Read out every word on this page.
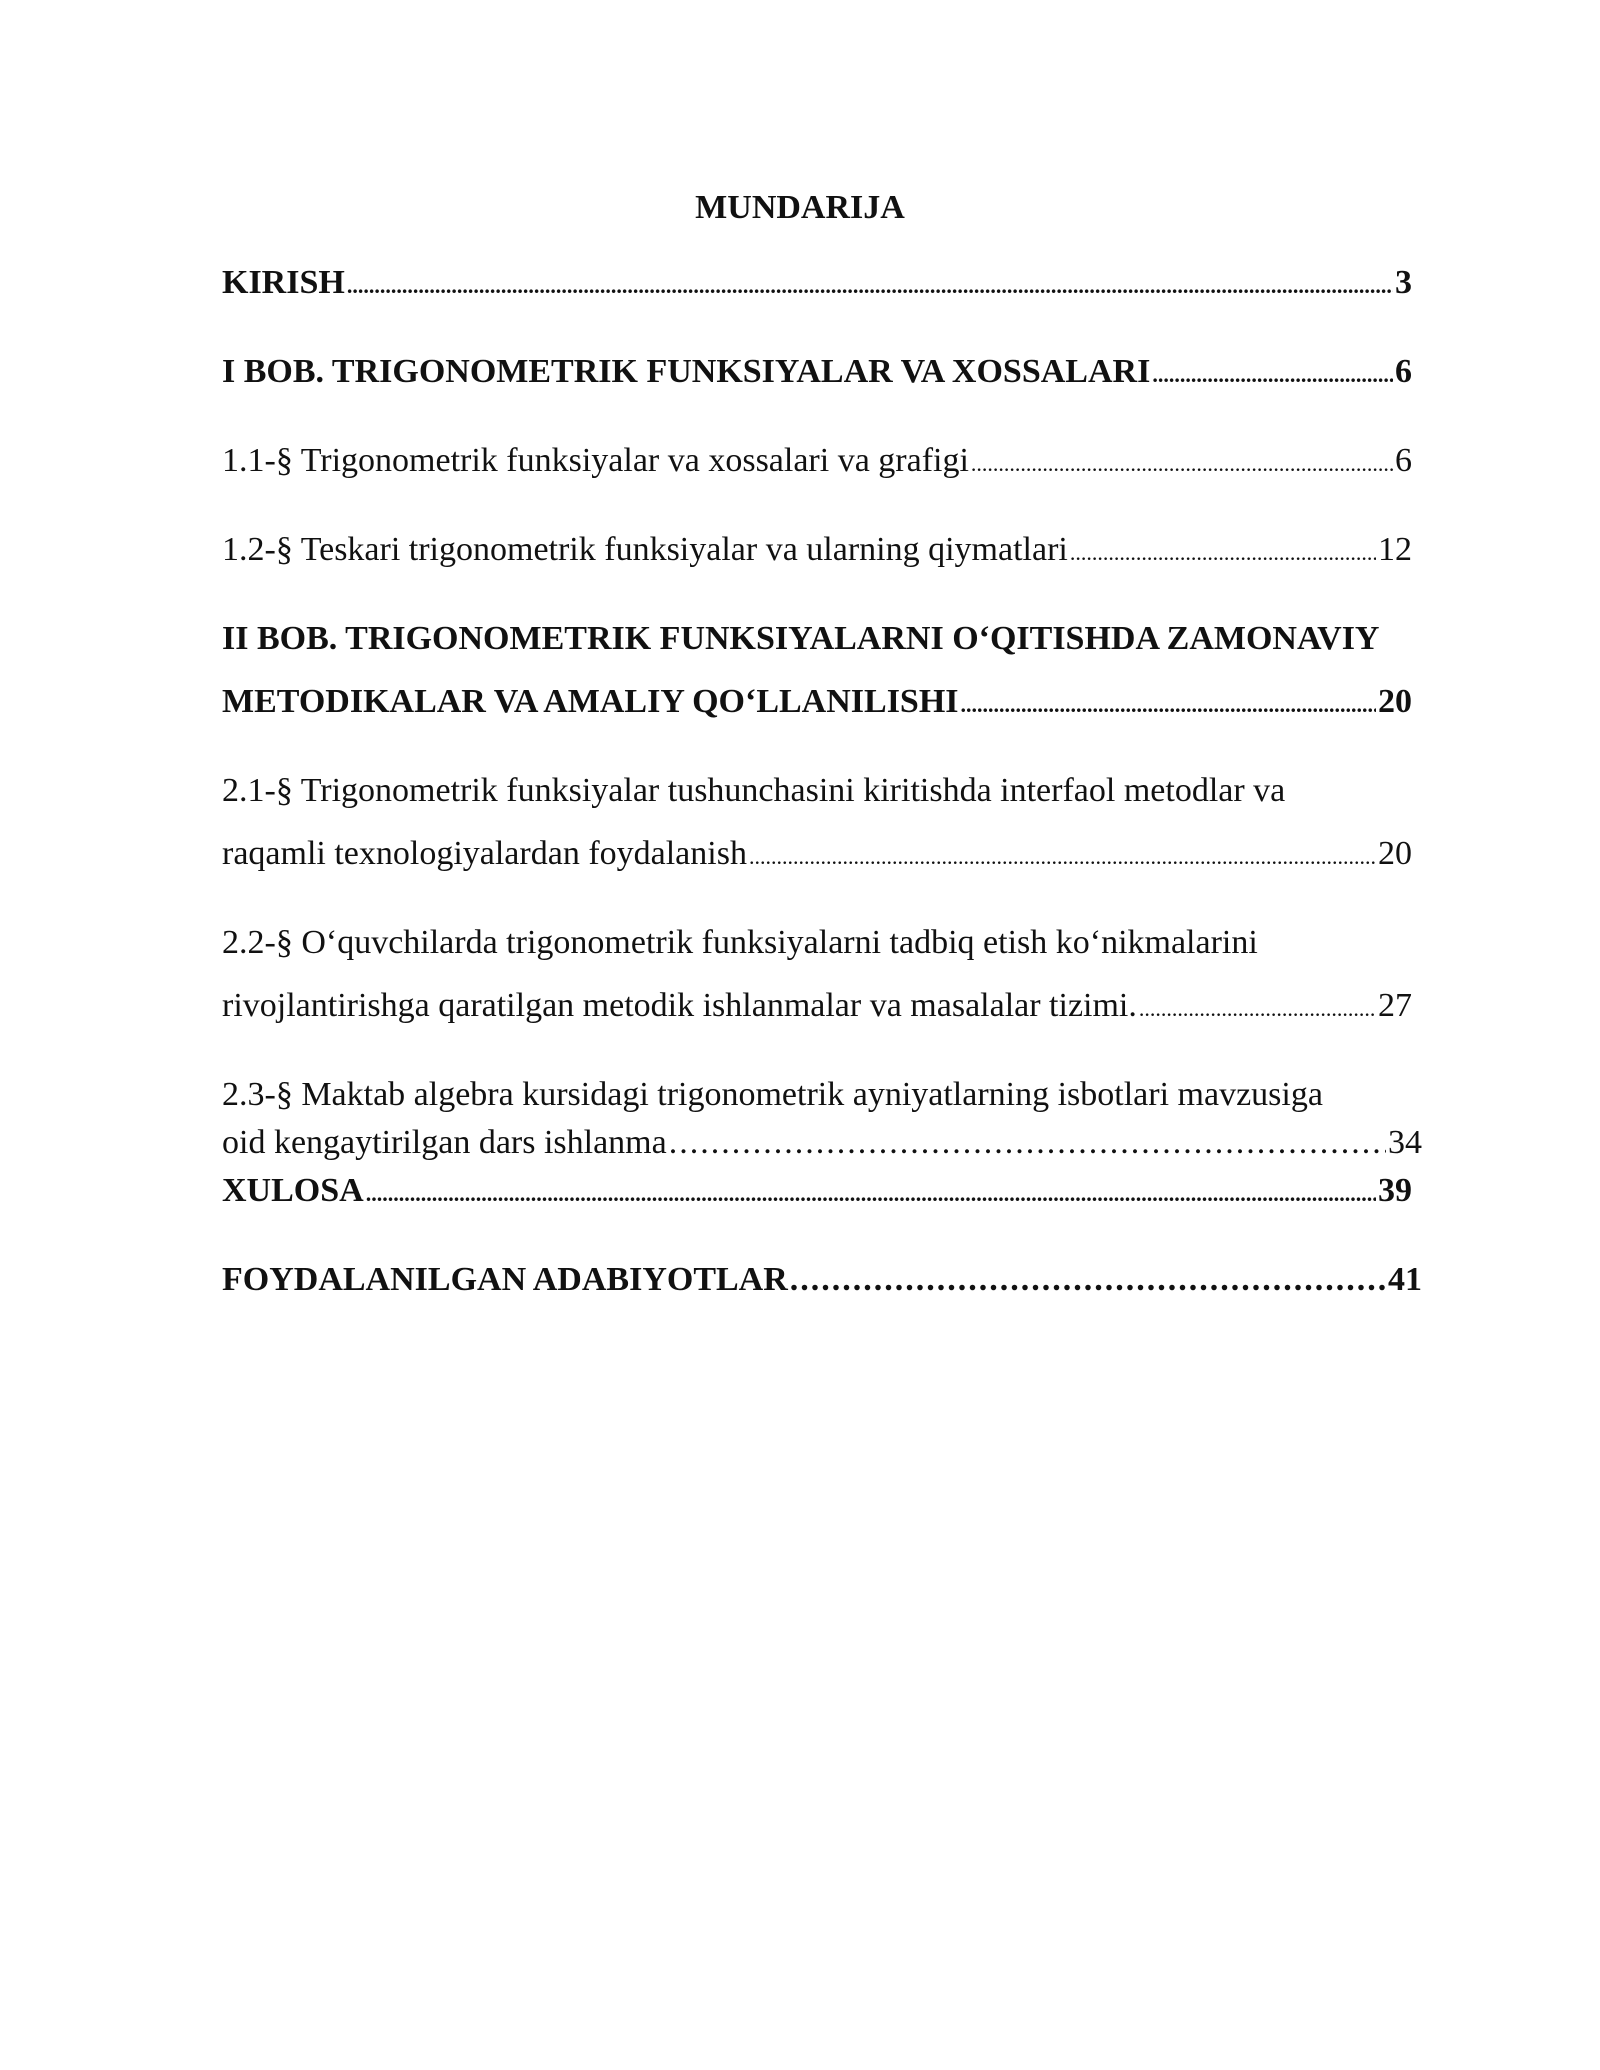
MUNDARIJA
KIRISH .....	3
I BOB. TRIGONOMETRIK FUNKSIYALAR VA XOSSALARI .....	6
1.1-§ Trigonometrik funksiyalar va xossalari va grafigi .....	6
1.2-§ Teskari trigonometrik funksiyalar va ularning qiymatlari .....	12
II BOB. TRIGONOMETRIK FUNKSIYALARNI O‘QITISHDA ZAMONAVIY
METODIKALAR VA AMALIY QO‘LLANILISHI .....	20
2.1-§ Trigonometrik funksiyalar tushunchasini kiritishda interfaol metodlar va
raqamli texnologiyalardan foydalanish .....	20
2.2-§ O‘quvchilarda trigonometrik funksiyalarni tadbiq etish ko‘nikmalarini
rivojlantirishga qaratilgan metodik ishlanmalar va masalalar tizimi. .....	27
2.3-§ Maktab algebra kursidagi trigonometrik ayniyatlarning isbotlari mavzusiga
oid kengaytirilgan dars ishlanma .....	34
XULOSA .....	39
FOYDALANILGAN ADABIYOTLAR .....	41
